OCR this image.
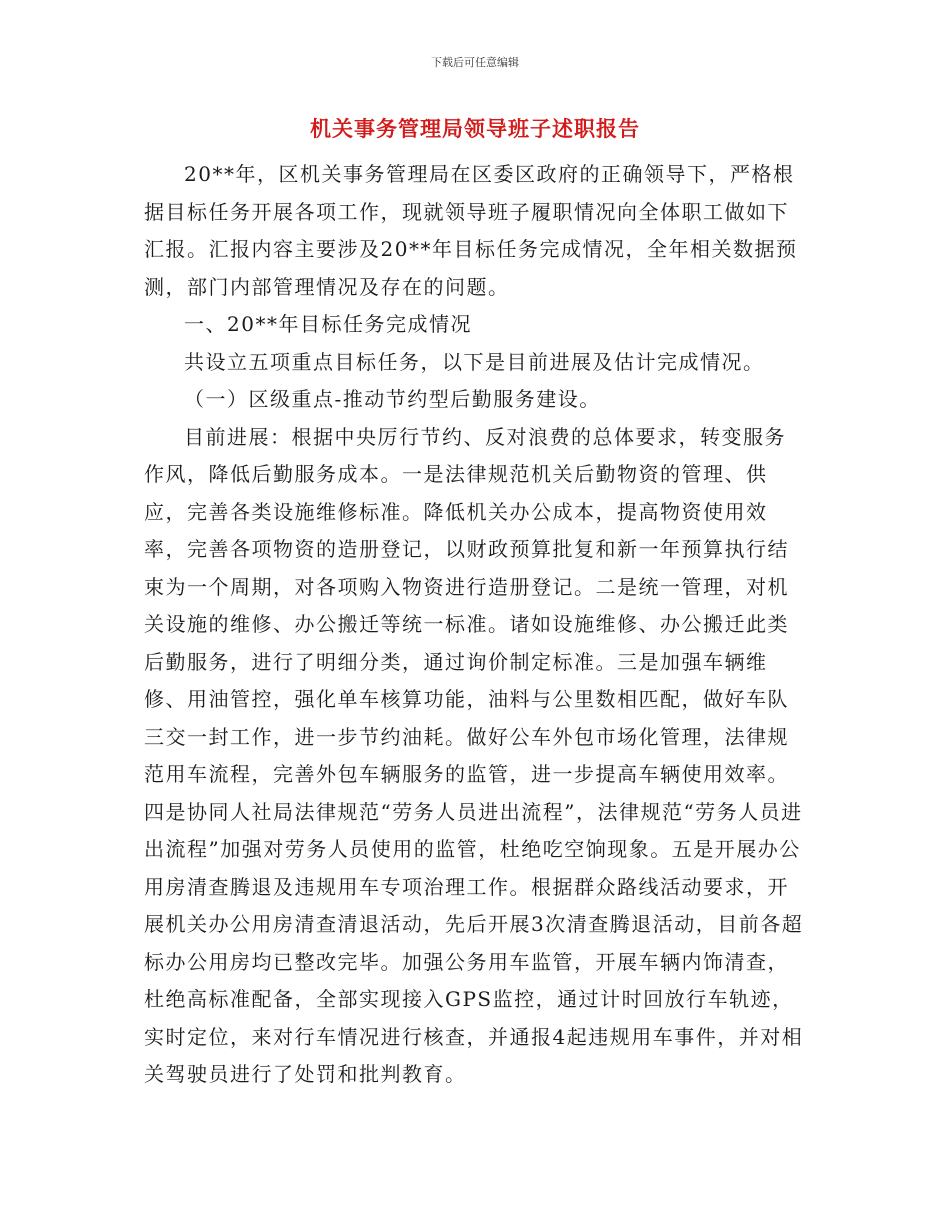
下载后可任意编辑
机关事务管理局领导班子述职报告

20**年，区机关事务管理局在区委区政府的正确领导下，严格根据目标任务开展各项工作，现就领导班子履职情况向全体职工做如下汇报。汇报内容主要涉及20**年目标任务完成情况，全年相关数据预测，部门内部管理情况及存在的问题。

一、20**年目标任务完成情况

共设立五项重点目标任务，以下是目前进展及估计完成情况。

（一）区级重点-推动节约型后勤服务建设。

目前进展：根据中央厉行节约、反对浪费的总体要求，转变服务作风，降低后勤服务成本。一是法律规范机关后勤物资的管理、供应，完善各类设施维修标准。降低机关办公成本，提高物资使用效率，完善各项物资的造册登记，以财政预算批复和新一年预算执行结束为一个周期，对各项购入物资进行造册登记。二是统一管理，对机关设施的维修、办公搬迁等统一标准。诸如设施维修、办公搬迁此类后勤服务，进行了明细分类，通过询价制定标准。三是加强车辆维修、用油管控，强化单车核算功能，油料与公里数相匹配，做好车队三交一封工作，进一步节约油耗。做好公车外包市场化管理，法律规范用车流程，完善外包车辆服务的监管，进一步提高车辆使用效率。四是协同人社局法律规范“劳务人员进出流程”，法律规范“劳务人员进出流程”加强对劳务人员使用的监管，杜绝吃空饷现象。五是开展办公用房清查腾退及违规用车专项治理工作。根据群众路线活动要求，开展机关办公用房清查清退活动，先后开展3次清查腾退活动，目前各超标办公用房均已整改完毕。加强公务用车监管，开展车辆内饰清查，杜绝高标准配备，全部实现接入GPS监控，通过计时回放行车轨迹，实时定位，来对行车情况进行核查，并通报4起违规用车事件，并对相关驾驶员进行了处罚和批判教育。
